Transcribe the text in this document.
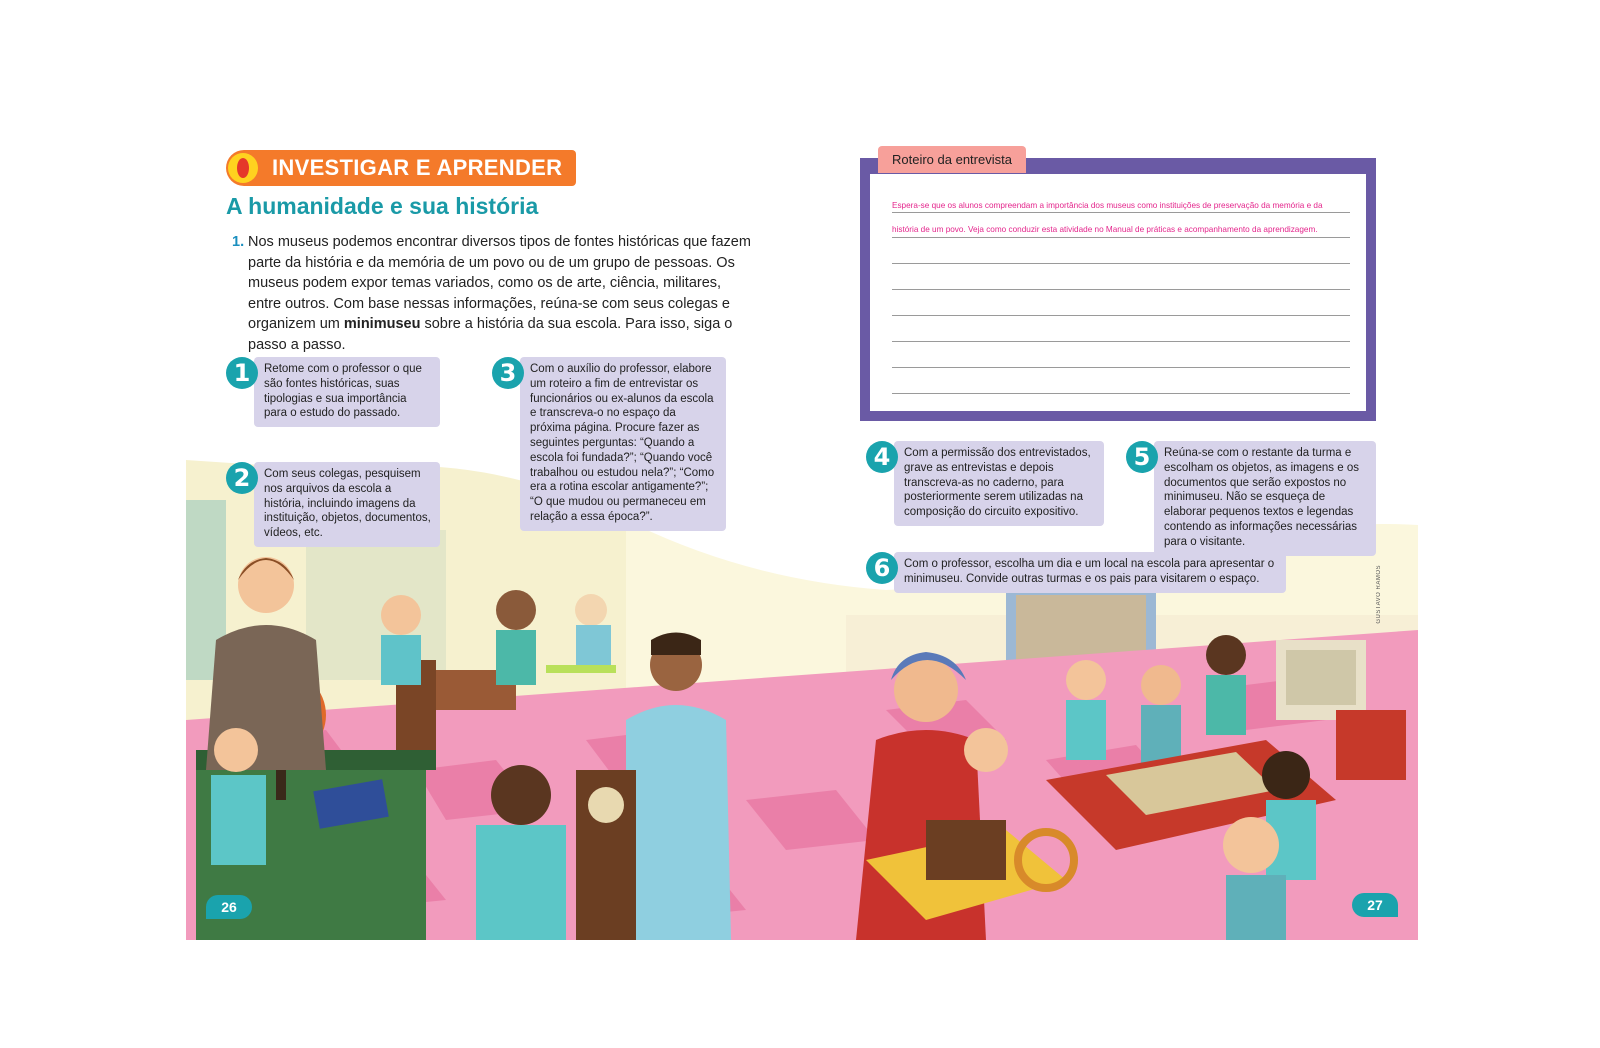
INVESTIGAR E APRENDER
A humanidade e sua história
1. Nos museus podemos encontrar diversos tipos de fontes históricas que fazem parte da história e da memória de um povo ou de um grupo de pessoas. Os museus podem expor temas variados, como os de arte, ciência, militares, entre outros. Com base nessas informações, reúna-se com seus colegas e organizem um minimuseu sobre a história da sua escola. Para isso, siga o passo a passo.

1	Retome com o professor o que são fontes históricas, suas tipologias e sua importância para o estudo do passado.
2	Com seus colegas, pesquisem nos arquivos da escola a história, incluindo imagens da instituição, objetos, documentos, vídeos, etc.
3	Com o auxílio do professor, elabore um roteiro a fim de entrevistar os funcionários ou ex-alunos da escola e transcreva-o no espaço da próxima página. Procure fazer as seguintes perguntas: “Quando a escola foi fundada?”; “Quando você trabalhou ou estudou nela?”; “Como era a rotina escolar antigamente?”; “O que mudou ou permaneceu em relação a essa época?”.
4	Com a permissão dos entrevistados, grave as entrevistas e depois transcreva-as no caderno, para posteriormente serem utilizadas na composição do circuito expositivo.
5	Reúna-se com o restante da turma e escolham os objetos, as imagens e os documentos que serão expostos no minimuseu. Não se esqueça de elaborar pequenos textos e legendas contendo as informações necessárias para o visitante.
6	Com o professor, escolha um dia e um local na escola para apresentar o minimuseu. Convide outras turmas e os pais para visitarem o espaço.
Espera-se que os alunos compreendam a importância dos museus como instituições de preservação da memória e da
história de um povo. Veja como conduzir esta atividade no Manual de práticas e acompanhamento da aprendizagem.
Roteiro da entrevista
GUSTAVO RAMOS
26	27
